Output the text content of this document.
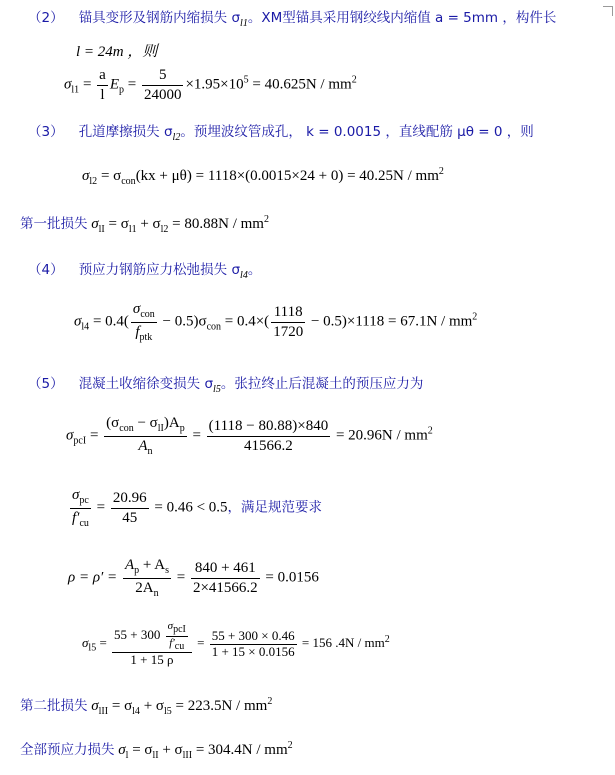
（2） 锚具变形及钢筋内缩损失 $\sigma_{l1}$。XM型锚具采用钢绞线内缩值 a = 5mm ，构件长
l = 24m ，则
$\sigma_{l1} = \frac{a}{l} E_p = \frac{5}{24000} \times 1.95\times 10^5 = 40.625N / mm^2$
（3） 孔道摩擦损失 $\sigma_{l2}$。预埋波纹管成孔， k = 0.0015 ，直线配筋 μθ = 0 ，则
$\sigma_{l2} = \sigma_{con}(kx + \mu\theta) = 1118\times(0.0015\times 24 + 0) = 40.25N / mm^2$
第一批损失 $\sigma_{lI} = \sigma_{l1} + \sigma_{l2} = 80.88N / mm^2$
（4） 预应力钢筋应力松弛损失 $\sigma_{l4}$。
$\sigma_{l4} = 0.4( \frac{\sigma_{con}}{f_{ptk}} - 0.5)\sigma_{con} = 0.4\times( \frac{1118}{1720} - 0.5)\times 1118 = 67.1N / mm^2$
（5） 混凝土收缩徐变损失 $\sigma_{l5}$。张拉终止后混凝土的预压应力为
$\sigma_{pcI} = \frac{(\sigma_{con} - \sigma_{lI})A_p}{A_n} = \frac{(1118 - 80.88)\times 840}{41566.2} = 20.96N / mm^2$
$\frac{\sigma_{pc}}{f'_{cu}} = \frac{20.96}{45} = 0.46 < 0.5$，满足规范要求
$\rho = \rho' = \frac{A_p + A_s}{2A_n} = \frac{840 + 461}{2\times 41566.2} = 0.0156$
$\sigma_{l5} = \frac{55 + 300 \frac{\sigma_{pcI}}{f'_{cu}}}{1 + 15 \rho} = \frac{55 + 300 \times 0.46}{1 + 15 \times 0.0156} = 156$ $.4N / mm^2$
第二批损失 $\sigma_{lII} = \sigma_{l4} + \sigma_{l5} = 223.5N / mm^2$
全部预应力损失 $\sigma_l = \sigma_{lI} + \sigma_{lII} = 304.4N / mm^2$
